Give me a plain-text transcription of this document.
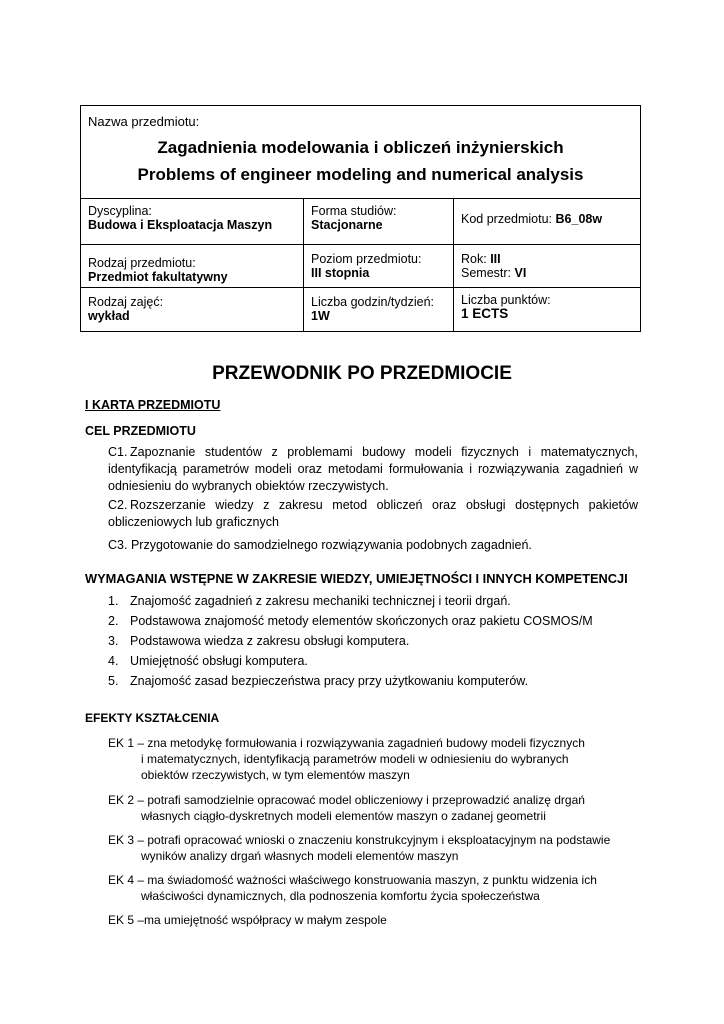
Nazwa przedmiotu:
Zagadnienia modelowania i obliczeń inżynierskich
Problems of engineer modeling and numerical analysis
Dyscyplina:
Budowa i Eksploatacja Maszyn
Forma studiów:
Stacjonarne	Kod przedmiotu: B6_08w
Rodzaj przedmiotu:
Przedmiot fakultatywny
Poziom przedmiotu:
III stopnia
Rok: III
Semestr: VI
Rodzaj zajęć:
wykład
Liczba godzin/tydzień:
1W
Liczba punktów:
1 ECTS
PRZEWODNIK PO PRZEDMIOCIE
I KARTA PRZEDMIOTU
CEL PRZEDMIOTU
C1. Zapoznanie studentów z problemami budowy modeli fizycznych i matematycznych, identyfikacją parametrów modeli oraz metodami formułowania i rozwiązywania zagadnień w odniesieniu do wybranych obiektów rzeczywistych.
C2. Rozszerzanie wiedzy z zakresu metod obliczeń oraz obsługi dostępnych pakietów obliczeniowych lub graficznych
C3. Przygotowanie do samodzielnego rozwiązywania podobnych zagadnień.
WYMAGANIA WSTĘPNE W ZAKRESIE WIEDZY, UMIEJĘTNOŚCI I INNYCH KOMPETENCJI
1. Znajomość zagadnień z zakresu mechaniki technicznej i teorii drgań.
2. Podstawowa znajomość metody elementów skończonych oraz pakietu COSMOS/M
3. Podstawowa wiedza z zakresu obsługi komputera.
4. Umiejętność obsługi komputera.
5. Znajomość zasad bezpieczeństwa pracy przy użytkowaniu komputerów.
EFEKTY KSZTAŁCENIA
EK 1 – zna metodykę formułowania i rozwiązywania zagadnień budowy modeli fizycznych
i matematycznych, identyfikacją parametrów modeli w odniesieniu do wybranych
obiektów rzeczywistych, w tym elementów maszyn
EK 2 – potrafi samodzielnie opracować model obliczeniowy i przeprowadzić analizę drgań
własnych ciągło-dyskretnych modeli elementów maszyn o zadanej geometrii
EK 3 – potrafi opracować wnioski o znaczeniu konstrukcyjnym i eksploatacyjnym na podstawie
wyników analizy drgań własnych modeli elementów maszyn
EK 4 – ma świadomość ważności właściwego konstruowania maszyn, z punktu widzenia ich
właściwości dynamicznych, dla podnoszenia komfortu życia społeczeństwa
EK 5 –ma umiejętność współpracy w małym zespole
